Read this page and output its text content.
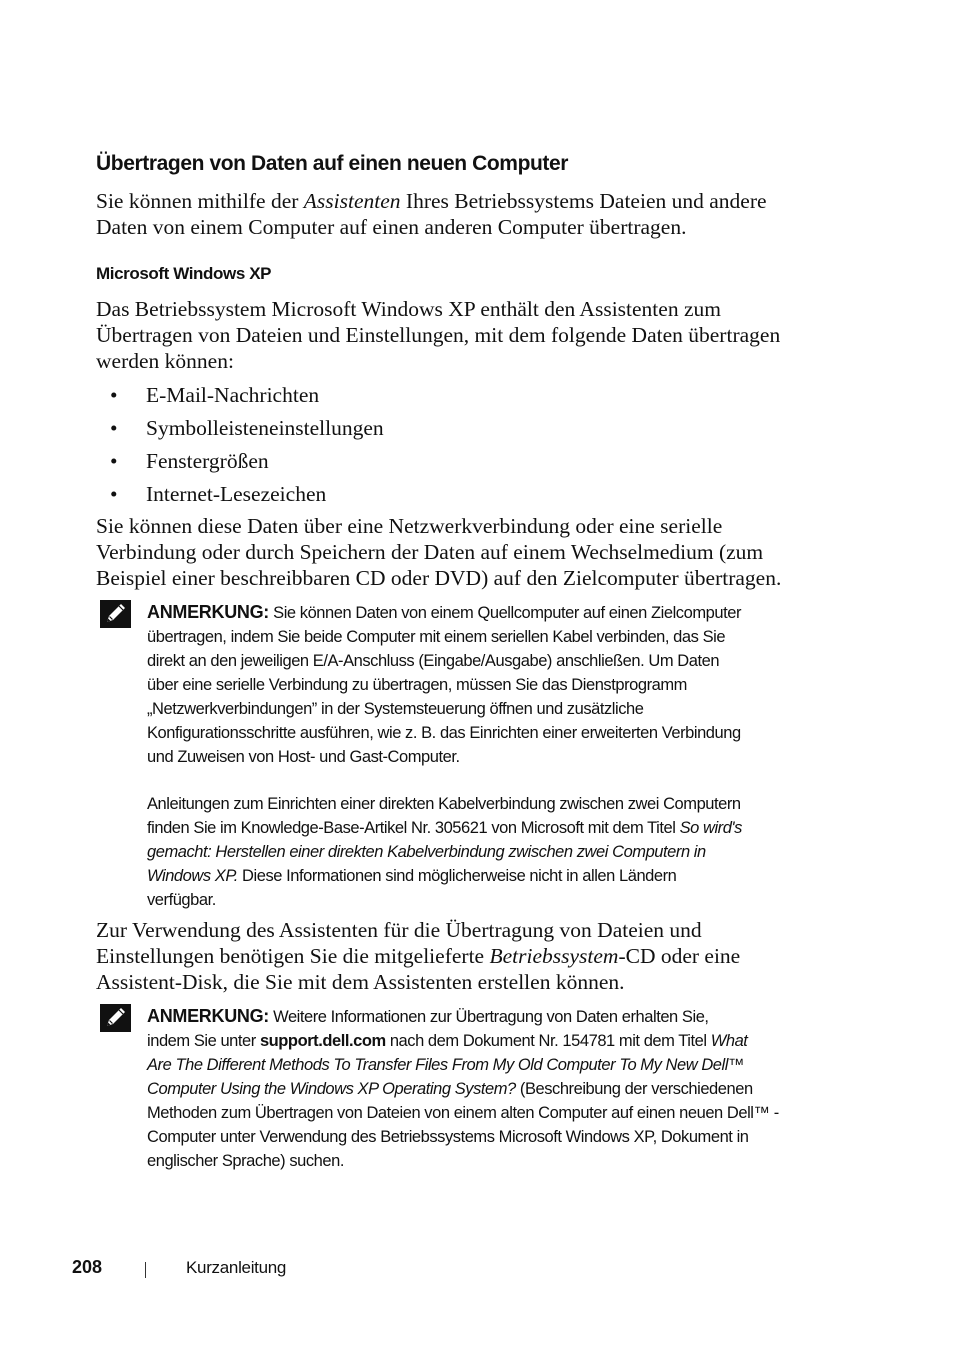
Übertragen von Daten auf einen neuen Computer

Sie können mithilfe der Assistenten Ihres Betriebssystems Dateien und andere
Daten von einem Computer auf einen anderen Computer übertragen.

Microsoft Windows XP

Das Betriebssystem Microsoft Windows XP enthält den Assistenten zum
Übertragen von Dateien und Einstellungen, mit dem folgende Daten übertragen
werden können:

• E-Mail-Nachrichten
• Symbolleisteneinstellungen
• Fenstergrößen
• Internet-Lesezeichen

Sie können diese Daten über eine Netzwerkverbindung oder eine serielle
Verbindung oder durch Speichern der Daten auf einem Wechselmedium (zum
Beispiel einer beschreibbaren CD oder DVD) auf den Zielcomputer übertragen.

ANMERKUNG: Sie können Daten von einem Quellcomputer auf einen Zielcomputer
übertragen, indem Sie beide Computer mit einem seriellen Kabel verbinden, das Sie
direkt an den jeweiligen E/A-Anschluss (Eingabe/Ausgabe) anschließen. Um Daten
über eine serielle Verbindung zu übertragen, müssen Sie das Dienstprogramm
„Netzwerkverbindungen” in der Systemsteuerung öffnen und zusätzliche
Konfigurationsschritte ausführen, wie z. B. das Einrichten einer erweiterten Verbindung
und Zuweisen von Host- und Gast-Computer.
Anleitungen zum Einrichten einer direkten Kabelverbindung zwischen zwei Computern
finden Sie im Knowledge-Base-Artikel Nr. 305621 von Microsoft mit dem Titel So wird's
gemacht: Herstellen einer direkten Kabelverbindung zwischen zwei Computern in
Windows XP. Diese Informationen sind möglicherweise nicht in allen Ländern
verfügbar.

Zur Verwendung des Assistenten für die Übertragung von Dateien und
Einstellungen benötigen Sie die mitgelieferte Betriebssystem-CD oder eine
Assistent-Disk, die Sie mit dem Assistenten erstellen können.

ANMERKUNG: Weitere Informationen zur Übertragung von Daten erhalten Sie,
indem Sie unter support.dell.com nach dem Dokument Nr. 154781 mit dem Titel What
Are The Different Methods To Transfer Files From My Old Computer To My New Dell™
Computer Using the Windows XP Operating System? (Beschreibung der verschiedenen
Methoden zum Übertragen von Dateien von einem alten Computer auf einen neuen Dell™ -
Computer unter Verwendung des Betriebssystems Microsoft Windows XP, Dokument in
englischer Sprache) suchen.
208	Kurzanleitung
